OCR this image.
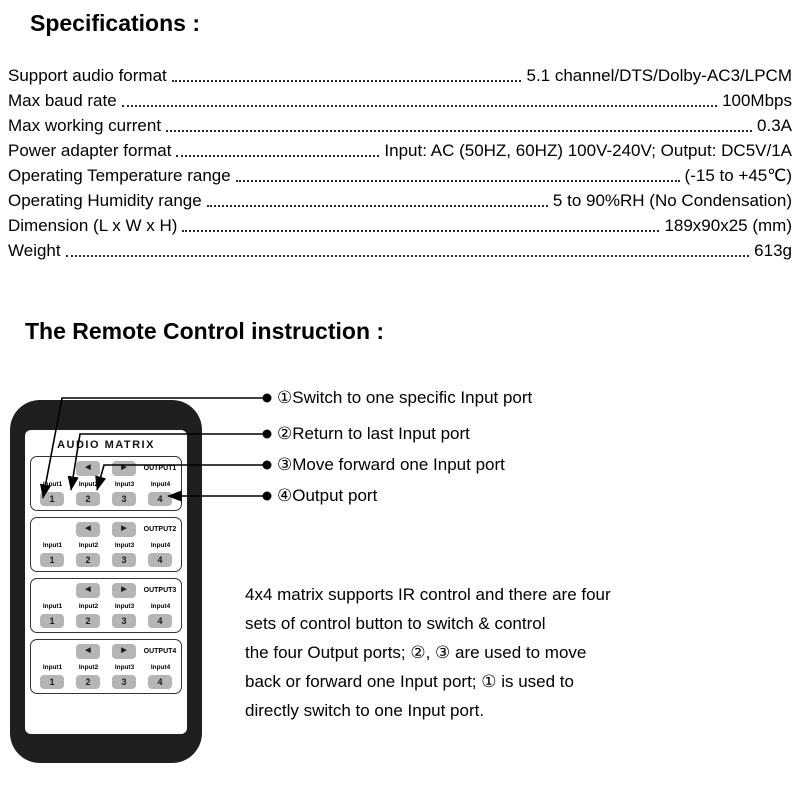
Specifications :
Support audio format	5.1 channel/DTS/Dolby-AC3/LPCM
Max baud rate	100Mbps
Max working current	0.3A
Power adapter format	Input: AC (50HZ, 60HZ) 100V-240V; Output: DC5V/1A
Operating Temperature range	(-15 to +45℃)
Operating Humidity range	5 to 90%RH (No Condensation)
Dimension (L x W x H)	189x90x25 (mm)
Weight	613g
The Remote Control instruction :
AUDIO MATRIX
◀	▶	OUTPUT1
Input1 Input2 Input3 Input4
1	2	3	4
◀	▶	OUTPUT2
Input1 Input2 Input3 Input4
1	2	3	4
◀	▶	OUTPUT3
Input1 Input2 Input3 Input4
1	2	3	4
◀	▶	OUTPUT4
Input1 Input2 Input3 Input4
1	2	3	4
①Switch to one specific Input port
②Return to last Input port
③Move forward one Input port
④Output port
4x4 matrix supports IR control and there are four
sets of control button to switch & control
the four Output ports; ②, ③ are used to move
back or forward one Input port; ① is used to
directly switch to one Input port.
